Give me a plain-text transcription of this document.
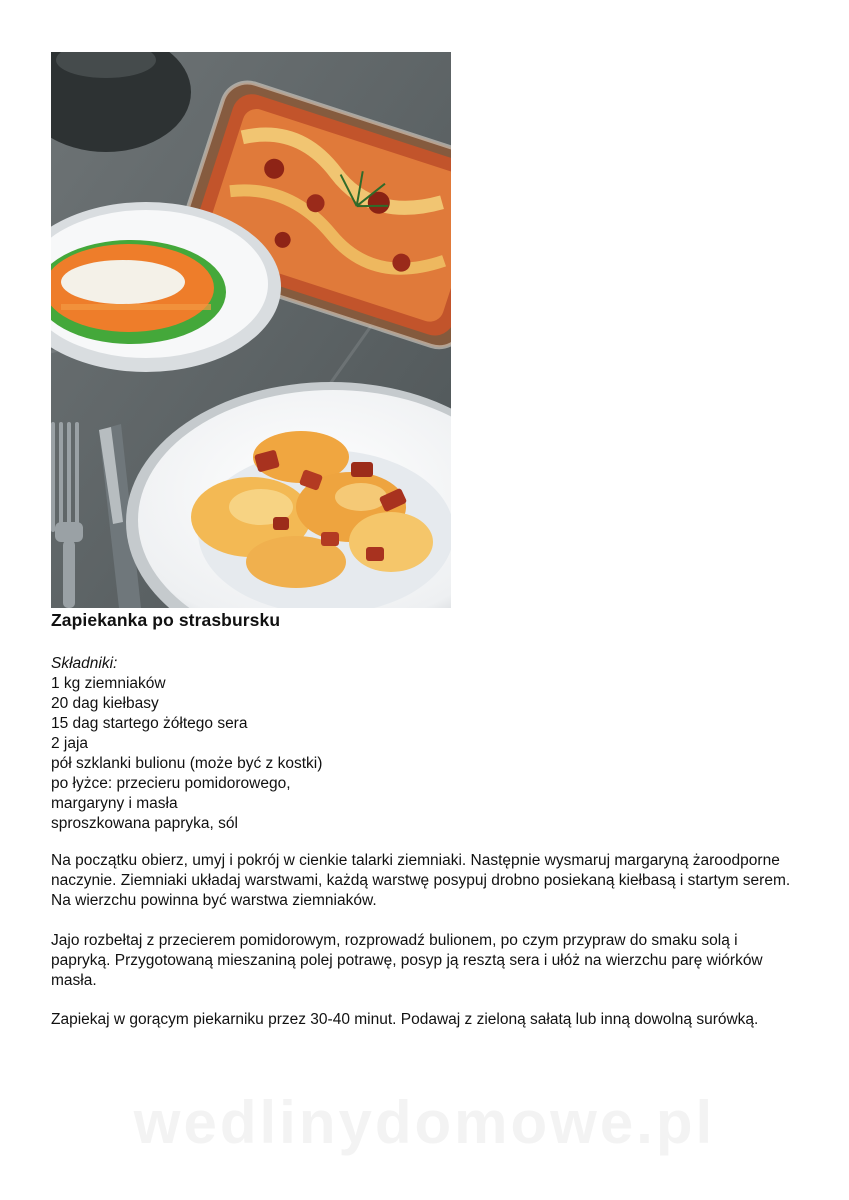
Zapiekanka po strasbursku
Składniki:
1 kg ziemniaków
20 dag kiełbasy
15 dag startego żółtego sera
2 jaja
pół szklanki bulionu (może być z kostki)
po łyżce: przecieru pomidorowego,
margaryny i masła
sproszkowana papryka, sól

Na początku obierz, umyj i pokrój w cienkie talarki ziemniaki. Następnie wysmaruj margaryną żaroodporne naczynie. Ziemniaki układaj warstwami, każdą warstwę posypuj drobno posiekaną kiełbasą i startym serem. Na wierzchu powinna być warstwa ziemniaków.

Jajo rozbełtaj z przecierem pomidorowym, rozprowadź bulionem, po czym przypraw do smaku solą i papryką. Przygotowaną mieszaniną polej potrawę, posyp ją resztą sera i ułóż na wierzchu parę wiórków masła.

Zapiekaj w gorącym piekarniku przez 30-40 minut. Podawaj z zieloną sałatą lub inną dowolną surówką.

wedlinydomowe.pl
